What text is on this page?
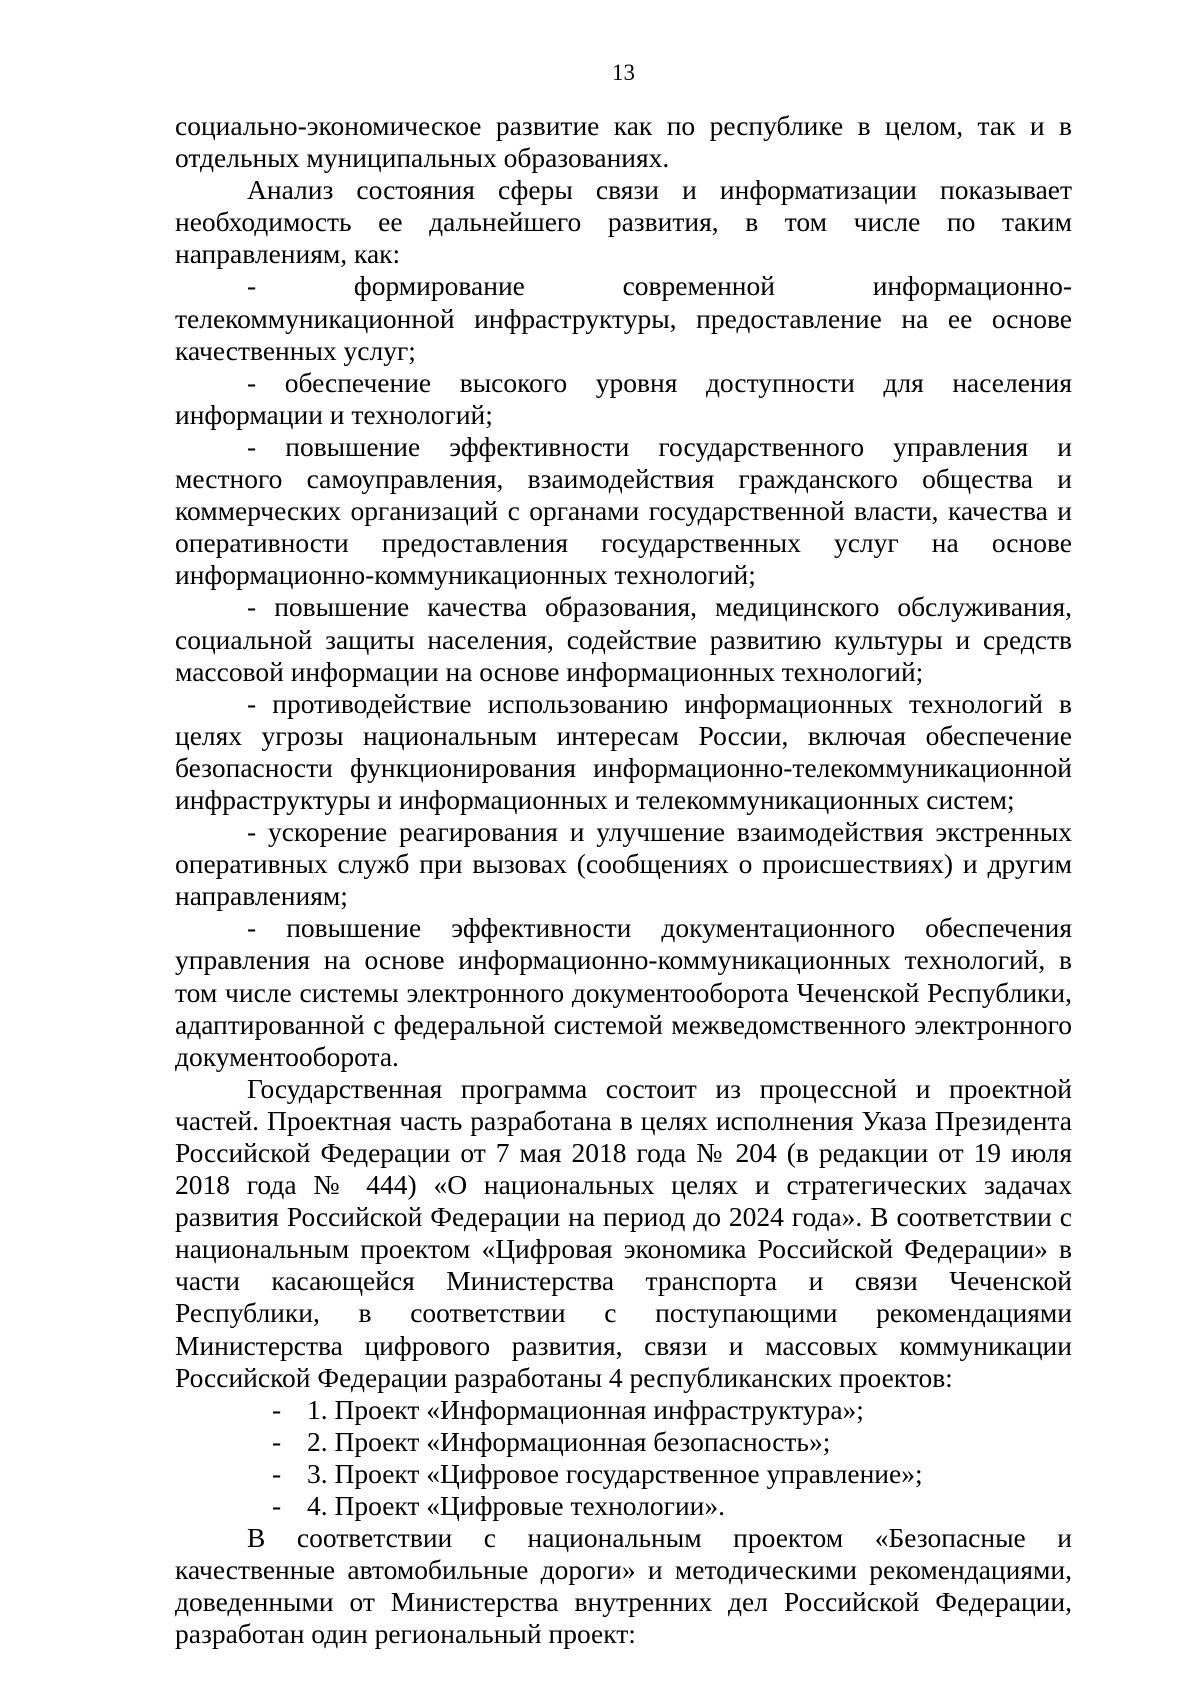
13

социально-экономическое развитие как по республике в целом, так и в отдельных муниципальных образованиях.

Анализ состояния сферы связи и информатизации показывает необходимость ее дальнейшего развития, в том числе по таким направлениям, как:

- формирование современной информационно-телекоммуникационной инфраструктуры, предоставление на ее основе качественных услуг;

- обеспечение высокого уровня доступности для населения информации и технологий;

- повышение эффективности государственного управления и местного самоуправления, взаимодействия гражданского общества и коммерческих организаций с органами государственной власти, качества и оперативности предоставления государственных услуг на основе информационно-коммуникационных технологий;

- повышение качества образования, медицинского обслуживания, социальной защиты населения, содействие развитию культуры и средств массовой информации на основе информационных технологий;

- противодействие использованию информационных технологий в целях угрозы национальным интересам России, включая обеспечение безопасности функционирования информационно-телекоммуникационной инфраструктуры и информационных и телекоммуникационных систем;

- ускорение реагирования и улучшение взаимодействия экстренных оперативных служб при вызовах (сообщениях о происшествиях) и другим направлениям;

- повышение эффективности документационного обеспечения управления на основе информационно-коммуникационных технологий, в том числе системы электронного документооборота Чеченской Республики, адаптированной с федеральной системой межведомственного электронного документооборота.

Государственная программа состоит из процессной и проектной частей. Проектная часть разработана в целях исполнения Указа Президента Российской Федерации от 7 мая 2018 года № 204 (в редакции от 19 июля 2018 года № 444) «О национальных целях и стратегических задачах развития Российской Федерации на период до 2024 года». В соответствии с национальным проектом «Цифровая экономика Российской Федерации» в части касающейся Министерства транспорта и связи Чеченской Республики, в соответствии с поступающими рекомендациями Министерства цифрового развития, связи и массовых коммуникации Российской Федерации разработаны 4 республиканских проектов:

- 1. Проект «Информационная инфраструктура»;
- 2. Проект «Информационная безопасность»;
- 3. Проект «Цифровое государственное управление»;
- 4. Проект «Цифровые технологии».

В соответствии с национальным проектом «Безопасные и качественные автомобильные дороги» и методическими рекомендациями, доведенными от Министерства внутренних дел Российской Федерации, разработан один региональный проект:
